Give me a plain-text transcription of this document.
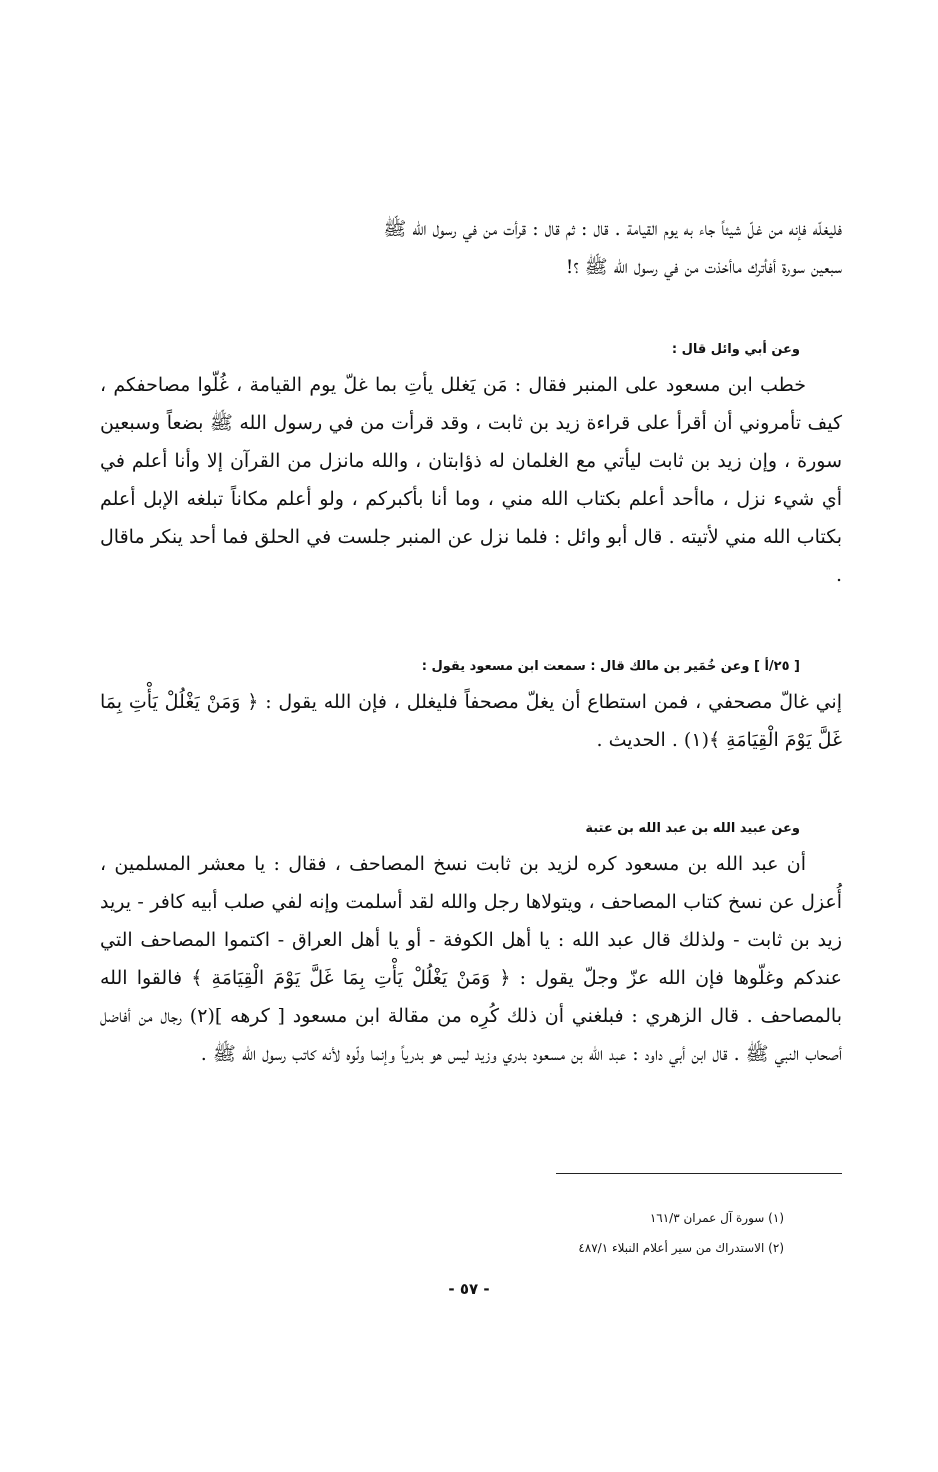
فليغلّه فإنه من غلّ شيئاً جاء به يوم القيامة . قال : ثم قال : قرأت من في رسول الله ﷺ

سبعين سورة أفأترك ماأخذت من في رسول الله ﷺ ؟!

وعن أبي وائل قال :

خطب ابن مسعود على المنبر فقال : مَن يَغلل يأتِ بما غلّ يوم القيامة ، غُلّوا مصاحفكم ، كيف تأمروني أن أقرأ على قراءة زيد بن ثابت ، وقد قرأت من في رسول الله ﷺ بضعاً وسبعين سورة ، وإن زيد بن ثابت ليأتي مع الغلمان له ذؤابتان ، والله مانزل من القرآن إلا وأنا أعلم في أي شيء نزل ، ماأحد أعلم بكتاب الله مني ، وما أنا بأكبركم ، ولو أعلم مكاناً تبلغه الإبل أعلم بكتاب الله مني لأتيته . قال أبو وائل : فلما نزل عن المنبر جلست في الحلق فما أحد ينكر ماقال .

[ ٢٥/أ ] وعن خُمَير بن مالك قال : سمعت ابن مسعود يقول :

إني غالّ مصحفي ، فمن استطاع أن يغلّ مصحفاً فليغلل ، فإن الله يقول : ﴿ وَمَنْ يَغْلُلْ يَأْتِ بِمَا غَلَّ يَوْمَ الْقِيَامَةِ ﴾(١) . الحديث .

وعن عبيد الله بن عبد الله بن عتبة

أن عبد الله بن مسعود كره لزيد بن ثابت نسخ المصاحف ، فقال : يا معشر المسلمين ، أُعزل عن نسخ كتاب المصاحف ، ويتولاها رجل والله لقد أسلمت وإنه لفي صلب أبيه كافر - يريد زيد بن ثابت - ولذلك قال عبد الله : يا أهل الكوفة - أو يا أهل العراق - اكتموا المصاحف التي عندكم وغلّوها فإن الله عزّ وجلّ يقول : ﴿ وَمَنْ يَغْلُلْ يَأْتِ بِمَا غَلَّ يَوْمَ الْقِيَامَةِ ﴾ فالقوا الله بالمصاحف . قال الزهري : فبلغني أن ذلك كُرِه من مقالة ابن مسعود [ كرهه ](٢) رجال من أفاضل أصحاب النبي ﷺ . قال ابن أبي داود : عبد الله بن مسعود بدري وزيد ليس هو بدرياً وإنما ولّوه لأنه كاتب رسول الله ﷺ .

(١) سورة آل عمران ١٦١/٣
(٢) الاستدراك من سير أعلام النبلاء ٤٨٧/١
- ٥٧ -
